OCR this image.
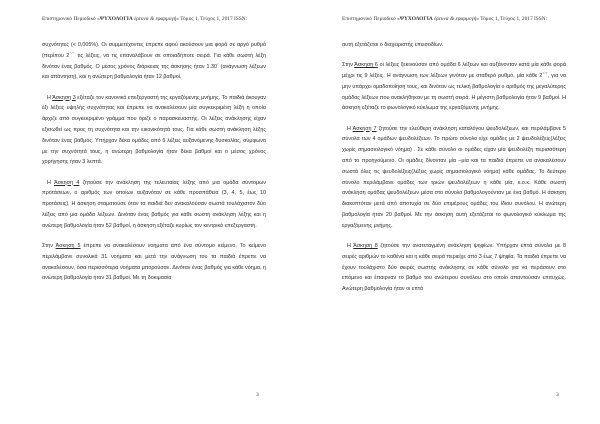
Επιστημονικό Περιοδικό «ΨΥΧΟΛΟΓΙΑ έρευνα & εφαρμογή» Τόμος 1, Τεύχος 1, 2017 ISSN:

συχνότητες (< 0,005%). Οι συμμετέχοντες έπρεπε αφού ακούσουν μια φορά σε αργό ρυθμό (περίπου 2΄΄΄ τις λέξεις, να τις επαναλάβουν σε οποιαδήποτε σειρά. Για κάθε σωστή λέξη δινόταν ένας βαθμός. Ο μέσος χρόνος διάρκειας της άσκησης ήταν 1.30΄ (ανάγνωση λέξεων και απάντηση), και η ανώτερη βαθμολογία ήταν 12 βαθμοί.

Η Άσκηση 3 εξέταζε τον κανονικό επεξεργαστή της εργαζόμενης μνήμης. Το παιδιά άκουγαν έξι λέξεις υψηλής συχνότητας και έπρεπε να ανακαλέσουν μία συγκεκριμένη λέξη η οποία άρχιζε από συγκεκριμένο γράμμα που όριζε ο παρασκευαστής. Οι λέξεις ανάκλησης είχαν εξισωθεί ως προς τη συχνότητα και την εικονικότητά τους. Για κάθε σωστή ανάκληση λέξης δινόταν ένας βαθμός. Υπήρχαν δέκα ομάδες από 6 λέξεις αυξανόμενης δυσκολίας, σύμφωνα με την συχνότητά τους, η ανώτερη βαθμολογία ήταν δέκα βαθμοί και ο μέσος χρόνος χορήγησης ήταν 3 λεπτά.

Η Άσκηση 4 ζητούσε την ανάκληση της τελευταίας λέξης από μια ομάδα σύντομων προτάσεων, ο αριθμός των οποίων αυξανόταν σε κάθε προσπάθεια (3, 4, 5, έως 10 προτάσεις). Η άσκηση σταματούσε όταν τα παιδιά δεν ανακαλούσαν σωστά τουλάχιστον δύο λέξεις από μια ομάδα λέξεων. Δινόταν ένας βαθμός για κάθε σωστή ανάκληση λέξης και η ανώτερη βαθμολογία ήταν 52 βαθμοί, η άσκηση εξέταζε κυρίως τον κεντρικό επεξεργαστή.

Στην Άσκηση 5 έπρεπε να ανακαλέσουν νοήματα από ένα σύντομο κείμενο. Το κείμενο περιλάμβανε συνολικά 31 νοήματα και μετά την ανάγνωση του τα παιδιά έπρεπε να ανακαλέσουν, όσα περισσότερα νοήματα μπορούσαν. Δινόταν ένας βαθμός για κάθε νόημα, η ανώτερη βαθμολογία ήταν 31 βαθμοί. Με τη δοκιμασία

3
Επιστημονικό Περιοδικό «ΨΥΧΟΛΟΓΙΑ έρευνα & εφαρμογή» Τόμος 1, Τεύχος 1, 2017 ISSN:

αυτή εξετάζεται ο διαχειριστής επεισοδίων.

Στην Άσκηση 6 οι λέξεις ξεκινούσαν από ομάδα 6 λέξεων και αυξάνονταν κατά μία κάθε φορά μέχρι τις 9 λέξεις. Η ανάγνωση των λέξεων γινόταν με σταθερό ρυθμό, μία κάθε 2΄΄΄, για να μην υπάρχει ομαδοποίηση τους, και δινόταν ως τελική βαθμολογία ο αριθμός της μεγαλύτερης ομάδας λέξεων που ανακλήθηκαν με τη σωστή σειρά. Η μέγιστη βαθμολογία ήταν 9 βαθμοί. Η άσκηση εξέταζε το φωνολογικό κύκλωμα της εργαζόμενης μνήμης.

Η Άσκηση 7 ζητούσε την ελεύθερη ανάκληση καταλόγου ψευδολέξεων, και περιλάμβανε 5 σύνολα των 4 ομάδων ψευδολέξεων. Το πρώτο σύνολο είχε ομάδες με 2 ψευδολέξεις(λέξεις χωρίς σημασιολογικό νόημα) . Σε κάθε σύνολο οι ομάδες είχαν μία ψευδολέξη περισσότερη από το προηγούμενο. Οι ομάδες δίνονταν μία –μία και τα παιδιά έπρεπε να ανακαλέσουν σωστά όλες τις ψευδολέξεις(λέξεις χωρίς σημασιολογικό νόημα) κάθε ομάδας. Το δεύτερο σύνολο περιλάμβανε ομάδες των τριών ψευδολέξεων η κάθε μία, κ.ο.κ. Κάθε σωστή ανάκληση ομάδας ψευδολέξεων μέσα στο σύνολο βαθμολογούνταν με ένα βαθμό. Η άσκηση διακοπτόταν μετά από αποτυχία σε δύο επιμέρους ομάδες του ίδιου συνόλου. Η ανώτερη βαθμολογία ήταν 20 βαθμοί. Με την άσκηση αυτή εξετάζεται το φωνολογικό κύκλωμα της εργαζόμενης μνήμης.

Η Άσκηση 8 ζητούσε την ανατεταγμένη ανάκληση ψηφίων. Υπήρχαν επτά σύνολα με 8 σειρές αριθμών το καθένα και η κάθε σειρά περιείχε από 3 έως 7 ψηφία. Τα παιδιά έπρεπε να έχουν τουλάχιστο δύο σειρές σωστής ανάκλησης σε κάθε σύνολο για να περάσουν στο επόμενο και έπαιρναν το βαθμό του ανώτερου συνόλου στο οποίο απαντούσαν επιτυχώς. Ανώτερη βαθμολογία ήταν οι επτά

3
